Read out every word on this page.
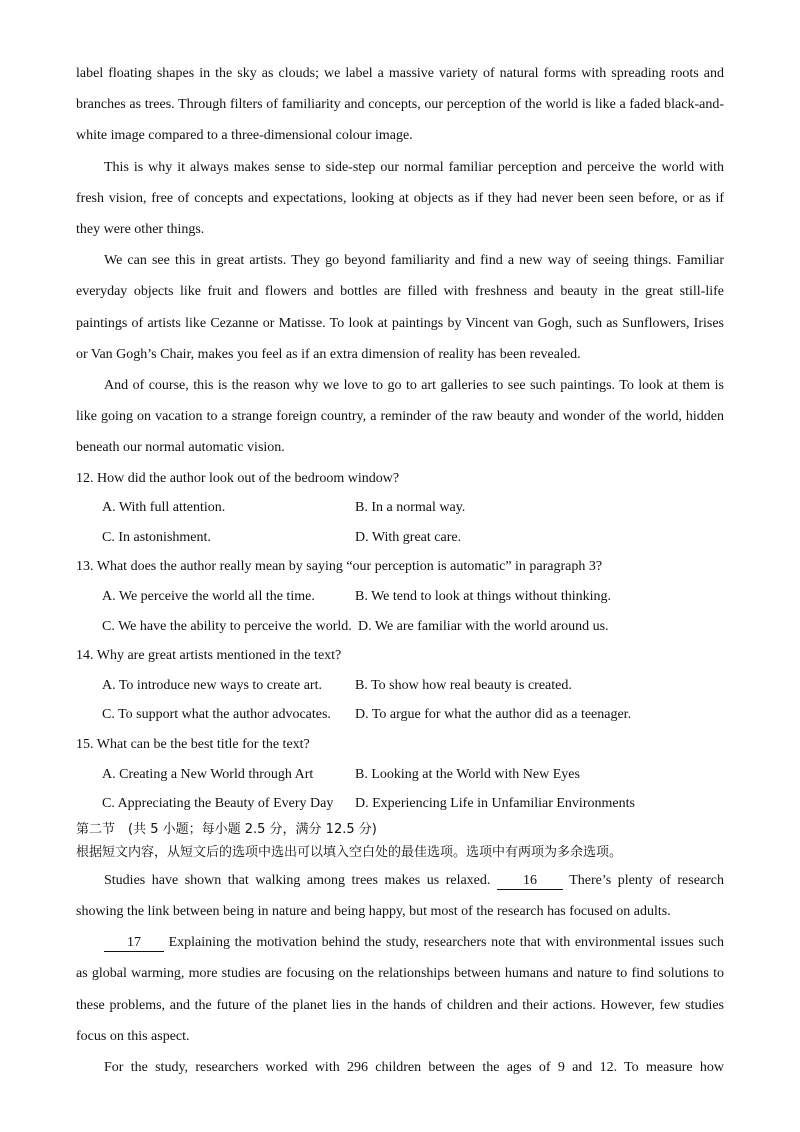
label floating shapes in the sky as clouds; we label a massive variety of natural forms with spreading roots and branches as trees. Through filters of familiarity and concepts, our perception of the world is like a faded black-and-white image compared to a three-dimensional colour image.

This is why it always makes sense to side-step our normal familiar perception and perceive the world with fresh vision, free of concepts and expectations, looking at objects as if they had never been seen before, or as if they were other things.

We can see this in great artists. They go beyond familiarity and find a new way of seeing things. Familiar everyday objects like fruit and flowers and bottles are filled with freshness and beauty in the great still-life paintings of artists like Cezanne or Matisse. To look at paintings by Vincent van Gogh, such as Sunflowers, Irises or Van Gogh’s Chair, makes you feel as if an extra dimension of reality has been revealed.

And of course, this is the reason why we love to go to art galleries to see such paintings. To look at them is like going on vacation to a strange foreign country, a reminder of the raw beauty and wonder of the world, hidden beneath our normal automatic vision.

12. How did the author look out of the bedroom window?

A. With full attention.	B. In a normal way.
C. In astonishment.	D. With great care.

13. What does the author really mean by saying “our perception is automatic” in paragraph 3?

A. We perceive the world all the time.	B. We tend to look at things without thinking.
C. We have the ability to perceive the world. D. We are familiar with the world around us.

14. Why are great artists mentioned in the text?

A. To introduce new ways to create art. B. To show how real beauty is created.
C. To support what the author advocates. D. To argue for what the author did as a teenager.

15. What can be the best title for the text?

A. Creating a New World through Art	B. Looking at the World with New Eyes
C. Appreciating the Beauty of Every Day D. Experiencing Life in Unfamiliar Environments

第二节　(共 5 小题；每小题 2.5 分，满分 12.5 分)

根据短文内容，从短文后的选项中选出可以填入空白处的最佳选项。选项中有两项为多余选项。

Studies have shown that walking among trees makes us relaxed. 16 There’s plenty of research showing the link between being in nature and being happy, but most of the research has focused on adults.

17 Explaining the motivation behind the study, researchers note that with environmental issues such as global warming, more studies are focusing on the relationships between humans and nature to find solutions to these problems, and the future of the planet lies in the hands of children and their actions. However, few studies focus on this aspect.

For the study, researchers worked with 296 children between the ages of 9 and 12. To measure how
